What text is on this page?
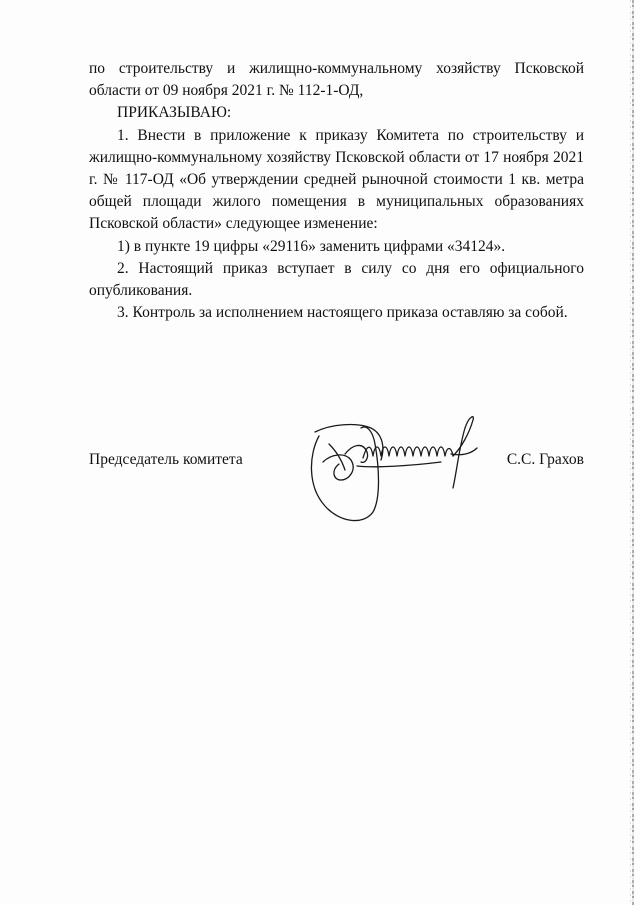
по строительству и жилищно-коммунальному хозяйству Псковской области от 09 ноября 2021 г. № 112-1-ОД,

ПРИКАЗЫВАЮ:

1. Внести в приложение к приказу Комитета по строительству и жилищно-коммунальному хозяйству Псковской области от 17 ноября 2021 г. № 117-ОД «Об утверждении средней рыночной стоимости 1 кв. метра общей площади жилого помещения в муниципальных образованиях Псковской области» следующее изменение:

1) в пункте 19 цифры «29116» заменить цифрами «34124».

2. Настоящий приказ вступает в силу со дня его официального опубликования.

3. Контроль за исполнением настоящего приказа оставляю за собой.

Председатель комитета	С.С. Грахов
